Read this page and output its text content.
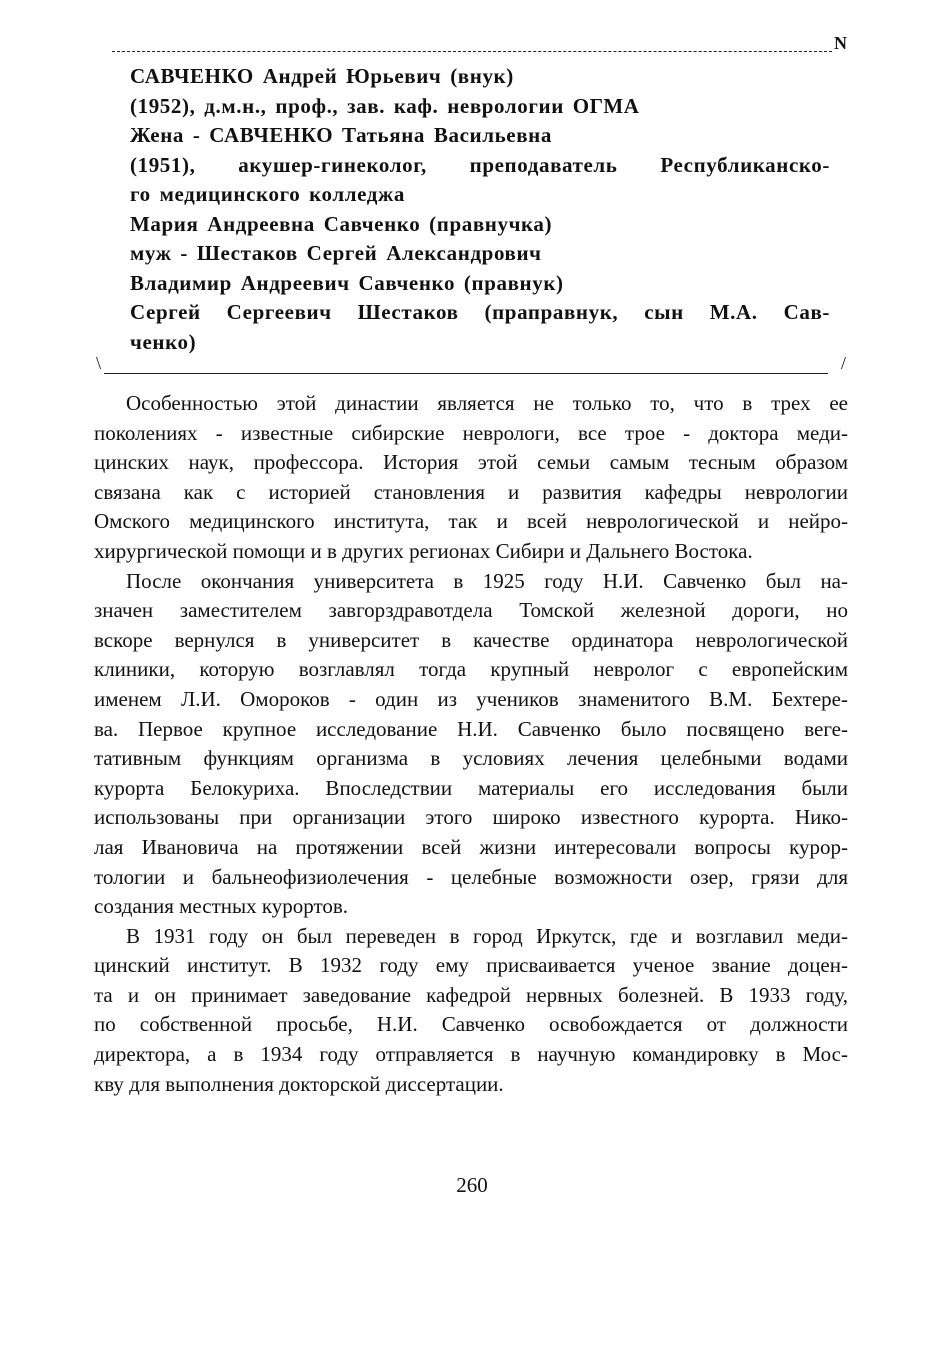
N
САВЧЕНКО Андрей Юрьевич (внук)
(1952), д.м.н., проф., зав. каф. неврологии ОГМА
Жена - САВЧЕНКО Татьяна Васильевна
(1951), акушер-гинеколог, преподаватель Республиканско-
го медицинского колледжа
Мария Андреевна Савченко (правнучка)
муж - Шестаков Сергей Александрович
Владимир Андреевич Савченко (правнук)
Сергей Сергеевич Шестаков (праправнук, сын М.А. Сав-
ченко)
\	/

Особенностью этой династии является не только то, что в трех ее
поколениях - известные сибирские неврологи, все трое - доктора меди-
цинских наук, профессора. История этой семьи самым тесным образом
связана как с историей становления и развития кафедры неврологии
Омского медицинского института, так и всей неврологической и нейро-
хирургической помощи и в других регионах Сибири и Дальнего Востока.

После окончания университета в 1925 году Н.И. Савченко был на-
значен заместителем завгорздравотдела Томской железной дороги, но
вскоре вернулся в университет в качестве ординатора неврологической
клиники, которую возглавлял тогда крупный невролог с европейским
именем Л.И. Омороков - один из учеников знаменитого В.М. Бехтере-
ва. Первое крупное исследование Н.И. Савченко было посвящено веге-
тативным функциям организма в условиях лечения целебными водами
курорта Белокуриха. Впоследствии материалы его исследования были
использованы при организации этого широко известного курорта. Нико-
лая Ивановича на протяжении всей жизни интересовали вопросы курор-
тологии и бальнеофизиолечения - целебные возможности озер, грязи для
создания местных курортов.

В 1931 году он был переведен в город Иркутск, где и возглавил меди-
цинский институт. В 1932 году ему присваивается ученое звание доцен-
та и он принимает заведование кафедрой нервных болезней. В 1933 году,
по собственной просьбе, Н.И. Савченко освобождается от должности
директора, а в 1934 году отправляется в научную командировку в Мос-
кву для выполнения докторской диссертации.

260
